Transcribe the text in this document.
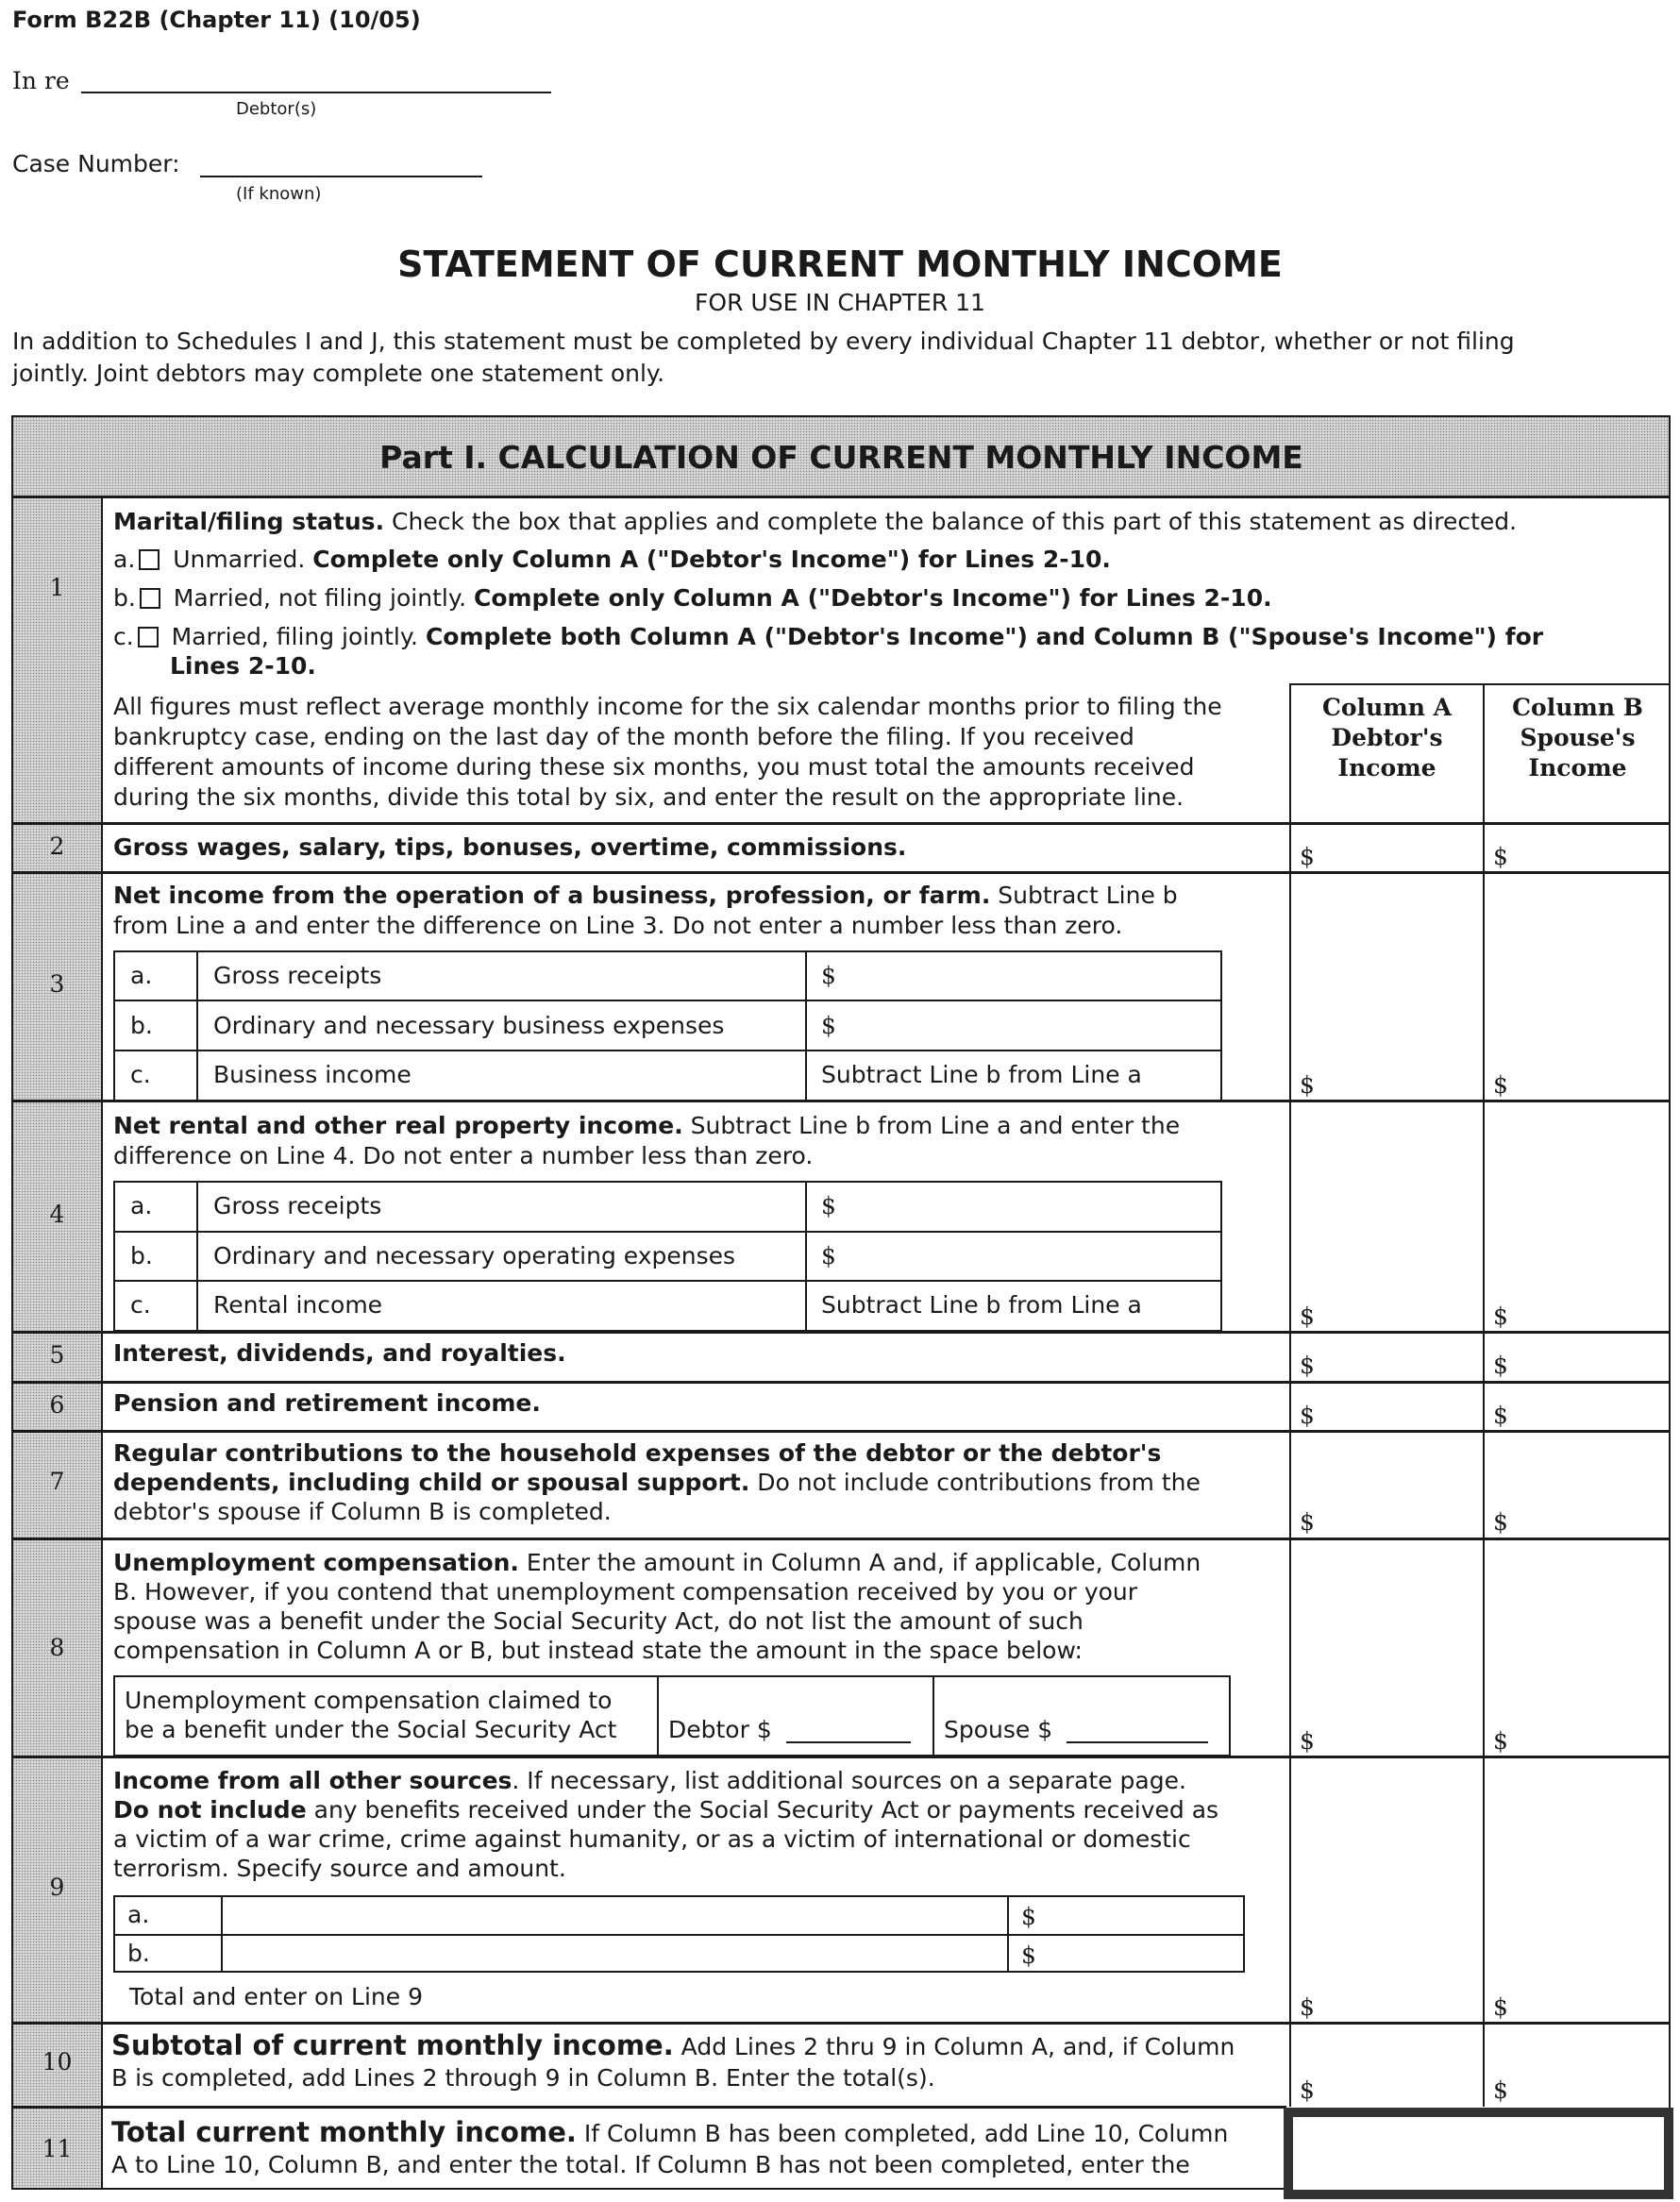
Form B22B (Chapter 11) (10/05)
In re
Debtor(s)
Case Number:
(If known)
STATEMENT OF CURRENT MONTHLY INCOME
FOR USE IN CHAPTER 11
In addition to Schedules I and J, this statement must be completed by every individual Chapter 11 debtor, whether or not filing
jointly. Joint debtors may complete one statement only.
Part I. CALCULATION OF CURRENT MONTHLY INCOME
Column A
Debtor's
Income
Column B
Spouse's
Income
1
Marital/filing status. Check the box that applies and complete the balance of this part of this statement as directed.
a. Unmarried. Complete only Column A ("Debtor's Income") for Lines 2-10.
b. Married, not filing jointly. Complete only Column A ("Debtor's Income") for Lines 2-10.
c. Married, filing jointly. Complete both Column A ("Debtor's Income") and Column B ("Spouse's Income") for
Lines 2-10.
All figures must reflect average monthly income for the six calendar months prior to filing the
bankruptcy case, ending on the last day of the month before the filing. If you received
different amounts of income during these six months, you must total the amounts received
during the six months, divide this total by six, and enter the result on the appropriate line.
2	Gross wages, salary, tips, bonuses, overtime, commissions.	$	$
3
Net income from the operation of a business, profession, or farm. Subtract Line b
from Line a and enter the difference on Line 3. Do not enter a number less than zero.
a.	Gross receipts	$
b.	Ordinary and necessary business expenses	$
c.	Business income	Subtract Line b from Line a	$	$
4
Net rental and other real property income. Subtract Line b from Line a and enter the
difference on Line 4. Do not enter a number less than zero.
a.	Gross receipts	$
b.	Ordinary and necessary operating expenses	$
c.	Rental income	Subtract Line b from Line a	$	$
5	Interest, dividends, and royalties.	$	$
6	Pension and retirement income.	$	$
7
Regular contributions to the household expenses of the debtor or the debtor's
dependents, including child or spousal support. Do not include contributions from the
debtor's spouse if Column B is completed.	$	$
8
Unemployment compensation. Enter the amount in Column A and, if applicable, Column
B. However, if you contend that unemployment compensation received by you or your
spouse was a benefit under the Social Security Act, do not list the amount of such
compensation in Column A or B, but instead state the amount in the space below:
Unemployment compensation claimed to
be a benefit under the Social Security Act Debtor $	Spouse $	$	$
9
Income from all other sources. If necessary, list additional sources on a separate page.
Do not include any benefits received under the Social Security Act or payments received as
a victim of a war crime, crime against humanity, or as a victim of international or domestic
terrorism. Specify source and amount.
a.	$
b.	$
Total and enter on Line 9	$	$
10
Subtotal of current monthly income. Add Lines 2 thru 9 in Column A, and, if Column
B is completed, add Lines 2 through 9 in Column B. Enter the total(s).	$	$
11
Total current monthly income. If Column B has been completed, add Line 10, Column
A to Line 10, Column B, and enter the total. If Column B has not been completed, enter the
